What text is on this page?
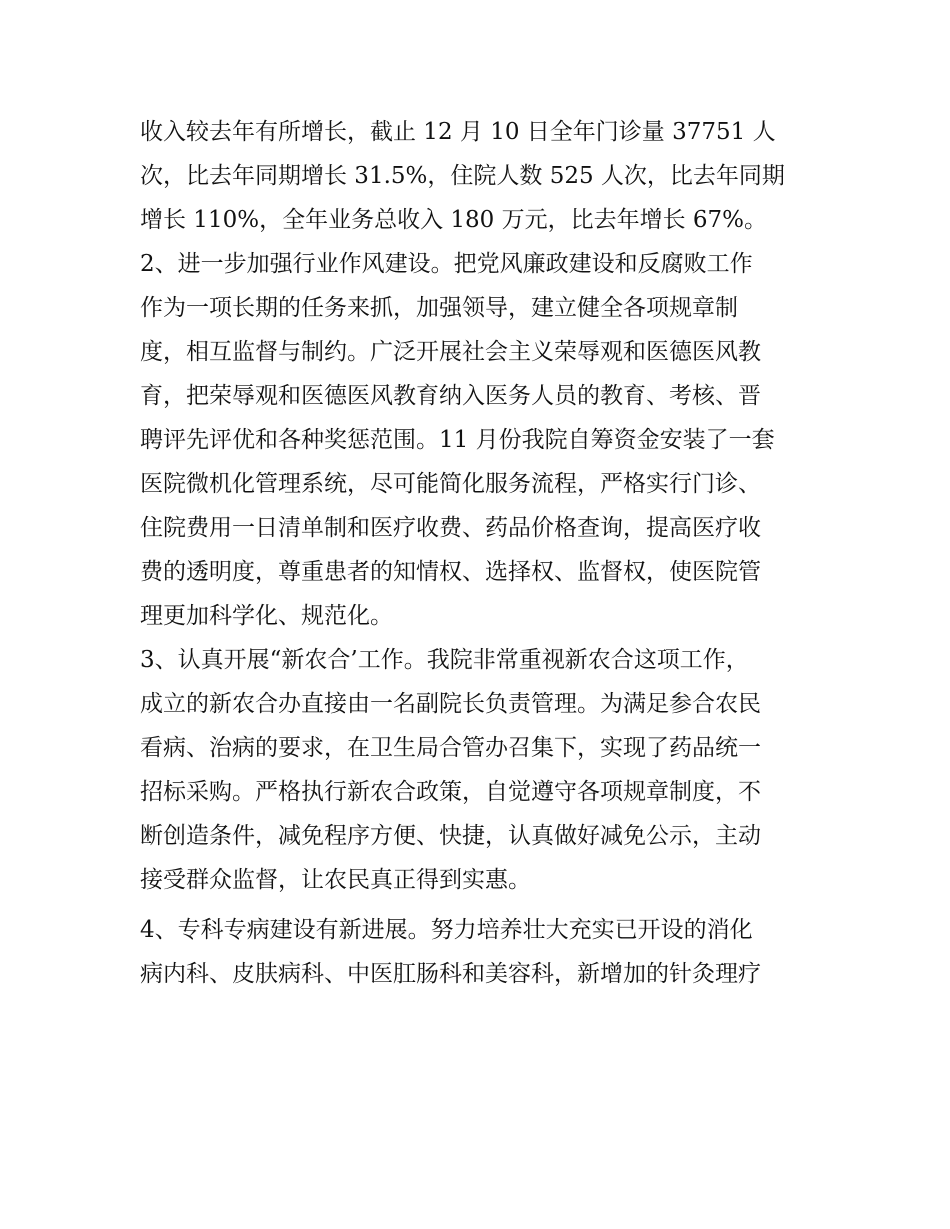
收入较去年有所增长，截止 12 月 10 日全年门诊量 37751 人
次，比去年同期增长 31.5%，住院人数 525 人次，比去年同期
增长 110%，全年业务总收入 180 万元，比去年增长 67%。
2、进一步加强行业作风建设。把党风廉政建设和反腐败工作
作为一项长期的任务来抓，加强领导，建立健全各项规章制
度，相互监督与制约。广泛开展社会主义荣辱观和医德医风教
育，把荣辱观和医德医风教育纳入医务人员的教育、考核、晋
聘评先评优和各种奖惩范围。11 月份我院自筹资金安装了一套
医院微机化管理系统，尽可能简化服务流程，严格实行门诊、
住院费用一日清单制和医疗收费、药品价格查询，提高医疗收
费的透明度，尊重患者的知情权、选择权、监督权，使医院管
理更加科学化、规范化。
3、认真开展“新农合’工作。我院非常重视新农合这项工作，
成立的新农合办直接由一名副院长负责管理。为满足参合农民
看病、治病的要求，在卫生局合管办召集下，实现了药品统一
招标采购。严格执行新农合政策，自觉遵守各项规章制度，不
断创造条件，减免程序方便、快捷，认真做好减免公示，主动
接受群众监督，让农民真正得到实惠。
4、专科专病建设有新进展。努力培养壮大充实已开设的消化
病内科、皮肤病科、中医肛肠科和美容科，新增加的针灸理疗
